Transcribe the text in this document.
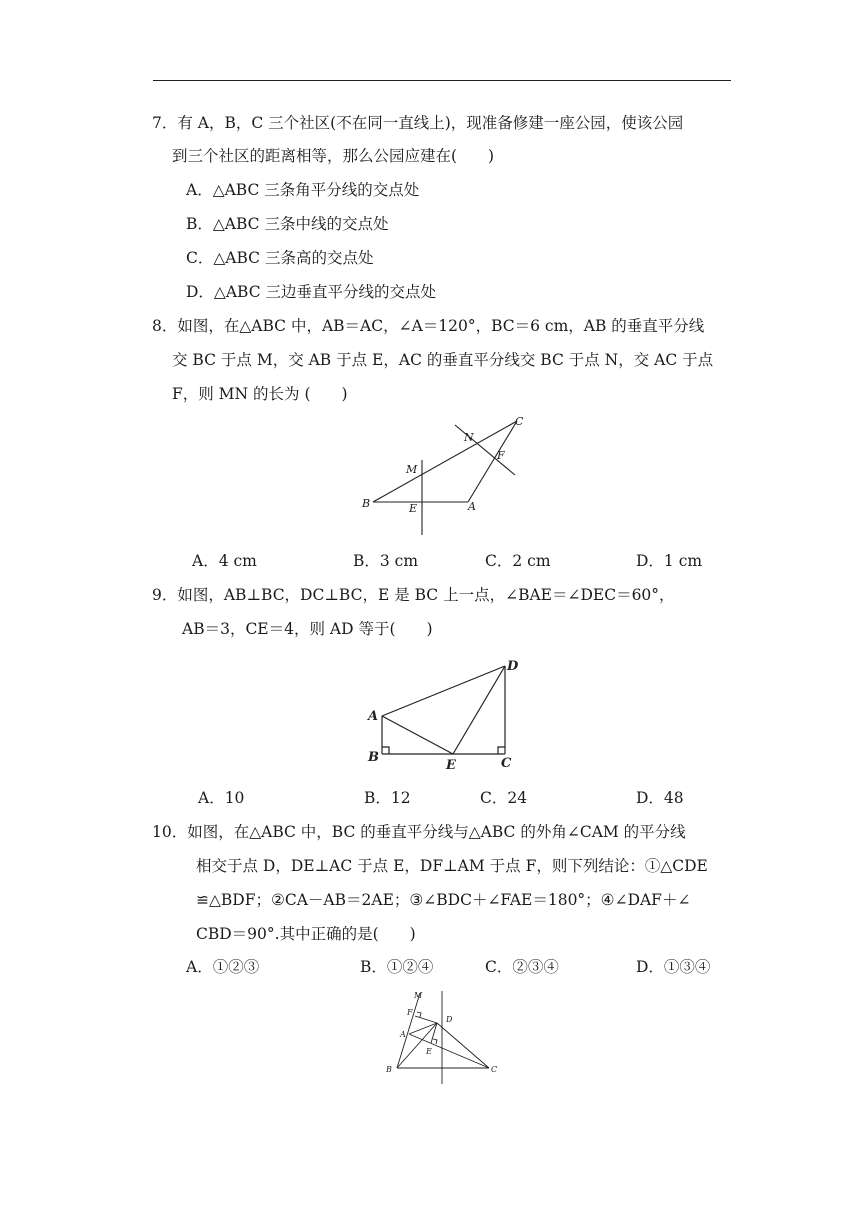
7．有 A，B，C 三个社区(不在同一直线上)，现准备修建一座公园，使该公园
到三个社区的距离相等，那么公园应建在(　　)
A．△ABC 三条角平分线的交点处
B．△ABC 三条中线的交点处
C．△ABC 三条高的交点处
D．△ABC 三边垂直平分线的交点处
8．如图，在△ABC 中，AB＝AC，∠A＝120°，BC＝6 cm，AB 的垂直平分线
交 BC 于点 M，交 AB 于点 E，AC 的垂直平分线交 BC 于点 N，交 AC 于点
F，则 MN 的长为 (　　)
B	A
C
M
E
N
F
A．4 cm	B．3 cm	C．2 cm	D．1 cm
9．如图，AB⊥BC，DC⊥BC，E 是 BC 上一点，∠BAE＝∠DEC＝60°，
AB＝3，CE＝4，则 AD 等于(　　)
A
B	C
D
E
A．10	B．12	C．24	D．48
10．如图，在△ABC 中，BC 的垂直平分线与△ABC 的外角∠CAM 的平分线
相交于点 D，DE⊥AC 于点 E，DF⊥AM 于点 F，则下列结论：①△CDE
≌△BDF；②CA－AB＝2AE；③∠BDC＋∠FAE＝180°；④∠DAF＋∠
CBD＝90°.其中正确的是(　　)
A．①②③	B．①②④	C．②③④	D．①③④
M
F
D
A
E
B	C
